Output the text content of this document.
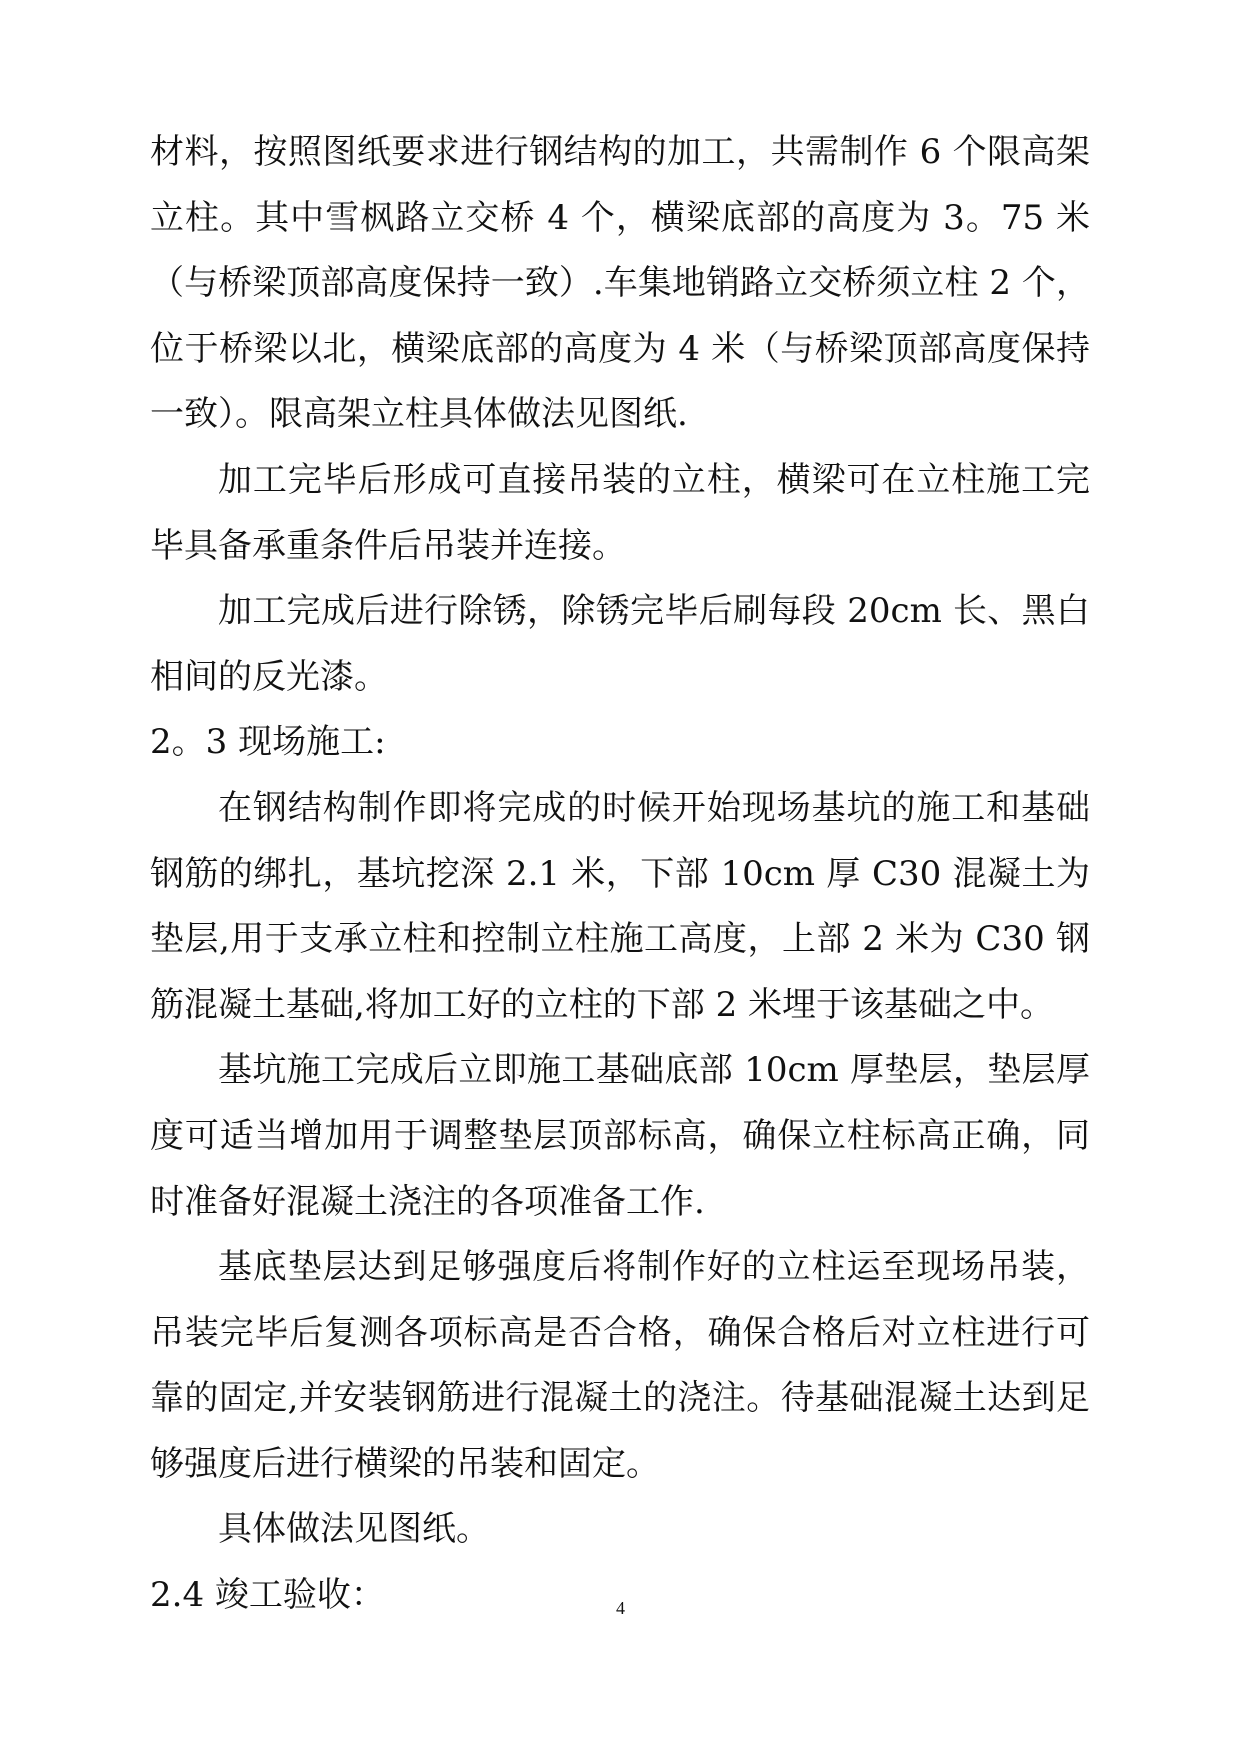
材料，按照图纸要求进行钢结构的加工，共需制作 6 个限高架立柱。其中雪枫路立交桥 4 个，横梁底部的高度为 3。75 米（与桥梁顶部高度保持一致）.车集地销路立交桥须立柱 2 个，位于桥梁以北，横梁底部的高度为 4 米（与桥梁顶部高度保持一致）。限高架立柱具体做法见图纸.

加工完毕后形成可直接吊装的立柱，横梁可在立柱施工完毕具备承重条件后吊装并连接。

加工完成后进行除锈，除锈完毕后刷每段 20cm 长、黑白相间的反光漆。

2。3 现场施工:

在钢结构制作即将完成的时候开始现场基坑的施工和基础钢筋的绑扎，基坑挖深 2.1 米，下部 10cm 厚 C30 混凝土为垫层,用于支承立柱和控制立柱施工高度，上部 2 米为 C30 钢筋混凝土基础,将加工好的立柱的下部 2 米埋于该基础之中。

基坑施工完成后立即施工基础底部 10cm 厚垫层，垫层厚度可适当增加用于调整垫层顶部标高，确保立柱标高正确，同时准备好混凝土浇注的各项准备工作.

基底垫层达到足够强度后将制作好的立柱运至现场吊装，吊装完毕后复测各项标高是否合格，确保合格后对立柱进行可靠的固定,并安装钢筋进行混凝土的浇注。待基础混凝土达到足够强度后进行横梁的吊装和固定。

具体做法见图纸。

2.4 竣工验收：	4
